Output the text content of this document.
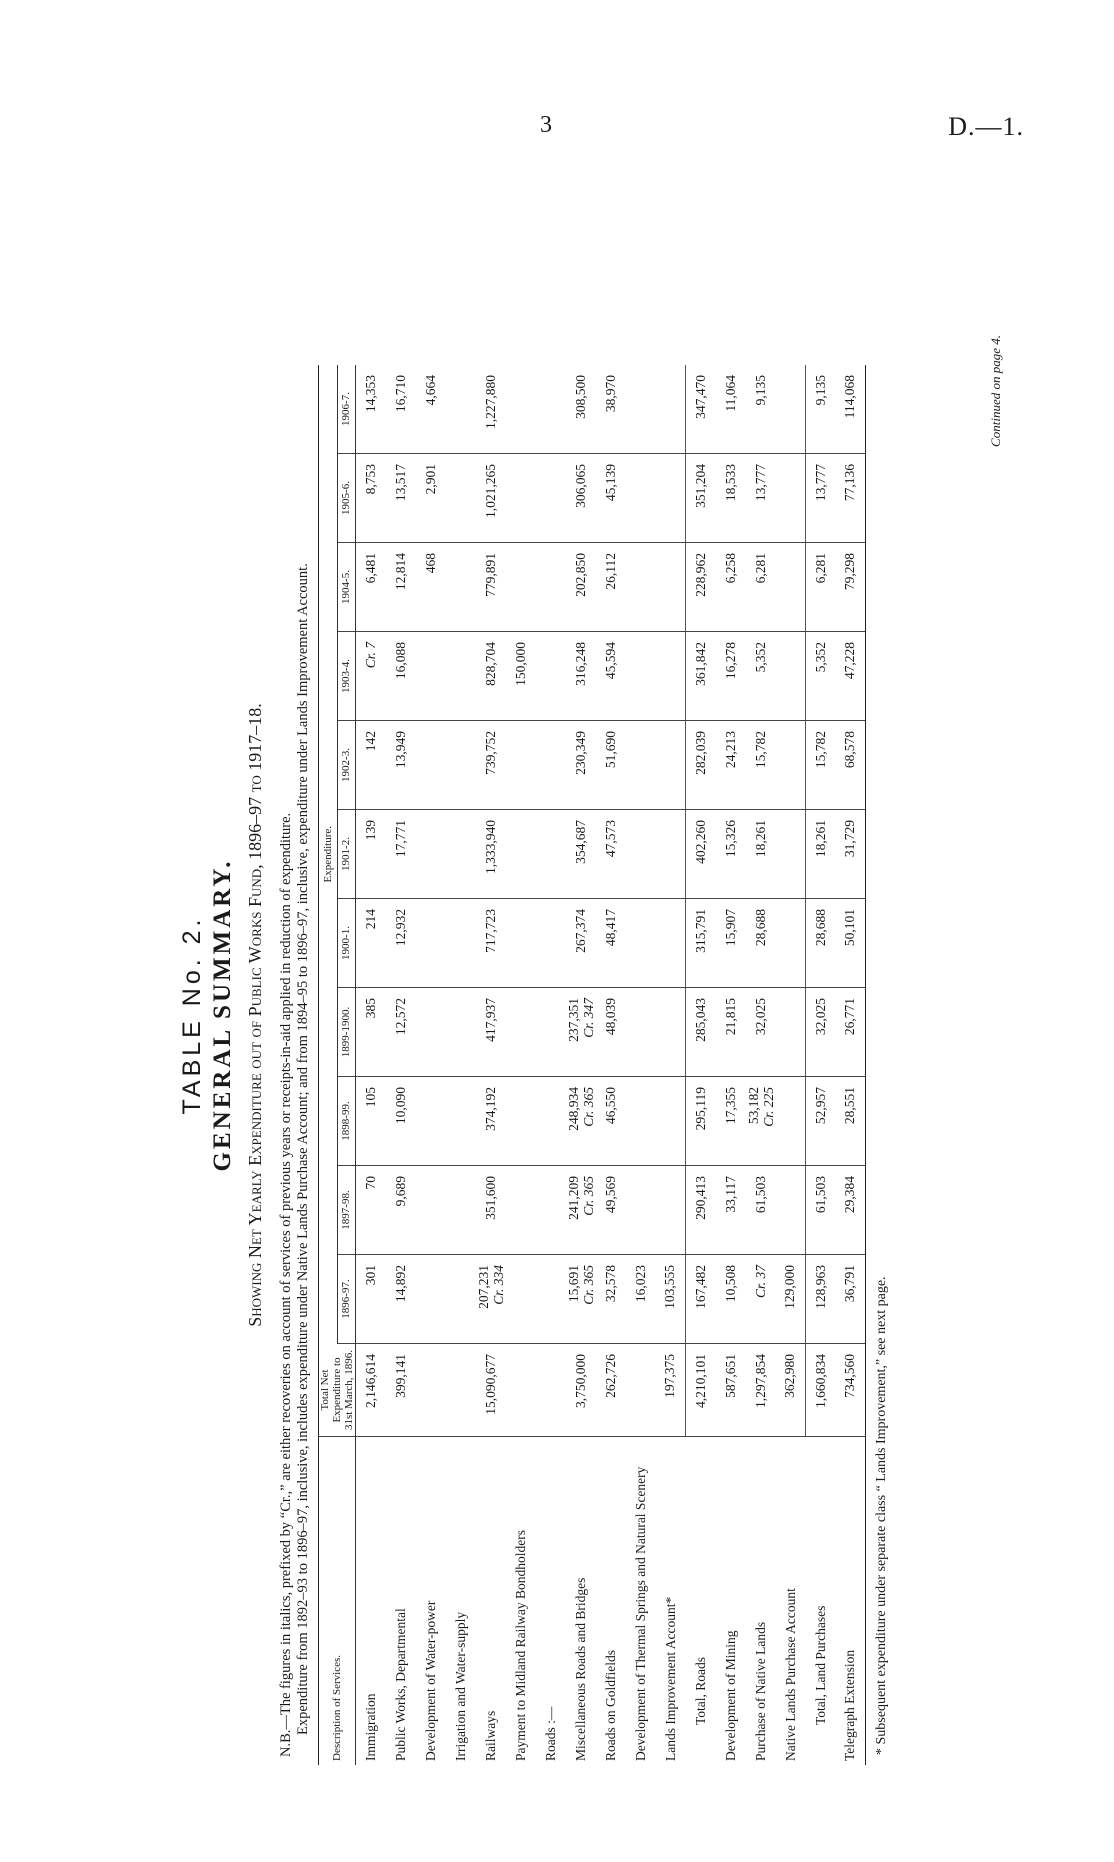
3	D.—1.
TABLE No. 2. GENERAL SUMMARY. Showing Net Yearly Expenditure out of Public Works Fund, 1896–97 to 1917–18. N.B.—The figures in italics, prefixed by “Cr.,” are either recoveries on account of services of previous years or receipts-in-aid applied in reduction of expenditure. Expenditure from 1892–93 to 1896–97, inclusive, includes expenditure under Native Lands Purchase Account; and from 1894–95 to 1896–97, inclusive, expenditure under Lands Improvement Account. Description of Services.	Total Net Expenditure to 31st March, 1896.	Expenditure.										
		1896-97.	1897-98.	1898-99.	1899-1900.	1900-1.	1901-2.	1902-3.	1903-4.	1904-5.	1905-6.	1906-7.
Immigration	2,146,614	301	70	105	385	214	139	142	Cr. 7	6,481	8,753	14,353
Public Works, Departmental	399,141	14,892	9,689	10,090	12,572	12,932	17,771	13,949	16,088	12,814	13,517	16,710
Development of Water-power										468	2,901	4,664
Irrigation and Water-supply												
Railways	15,090,677	207,231 Cr. 334	351,600	374,192	417,937	717,723	1,333,940	739,752	828,704	779,891	1,021,265	1,227,880
Payment to Midland Railway Bondholders									150,000			
Roads :—												
Miscellaneous Roads and Bridges	3,750,000	15,691 Cr. 365	241,209 Cr. 365	248,934 Cr. 365	237,351 Cr. 347	267,374	354,687	230,349	316,248	202,850	306,065	308,500
Roads on Goldfields	262,726	32,578	49,569	46,550	48,039	48,417	47,573	51,690	45,594	26,112	45,139	38,970
Development of Thermal Springs and Natural Scenery		16,023										
Lands Improvement Account*	197,375	103,555										
Total, Roads	4,210,101	167,482	290,413	295,119	285,043	315,791	402,260	282,039	361,842	228,962	351,204	347,470
Development of Mining	587,651	10,508	33,117	17,355	21,815	15,907	15,326	24,213	16,278	6,258	18,533	11,064
Purchase of Native Lands	1,297,854	Cr. 37	61,503	53,182 Cr. 225	32,025	28,688	18,261	15,782	5,352	6,281	13,777	9,135
Native Lands Purchase Account	362,980	129,000										
Total, Land Purchases	1,660,834	128,963	61,503	52,957	32,025	28,688	18,261	15,782	5,352	6,281	13,777	9,135
Telegraph Extension	734,560	36,791	29,384	28,551	26,771	50,101	31,729	68,578	47,228	79,298	77,136	114,068
* Subsequent expenditure under separate class “ Lands Improvement,” see next page.
Continued on page 4.
